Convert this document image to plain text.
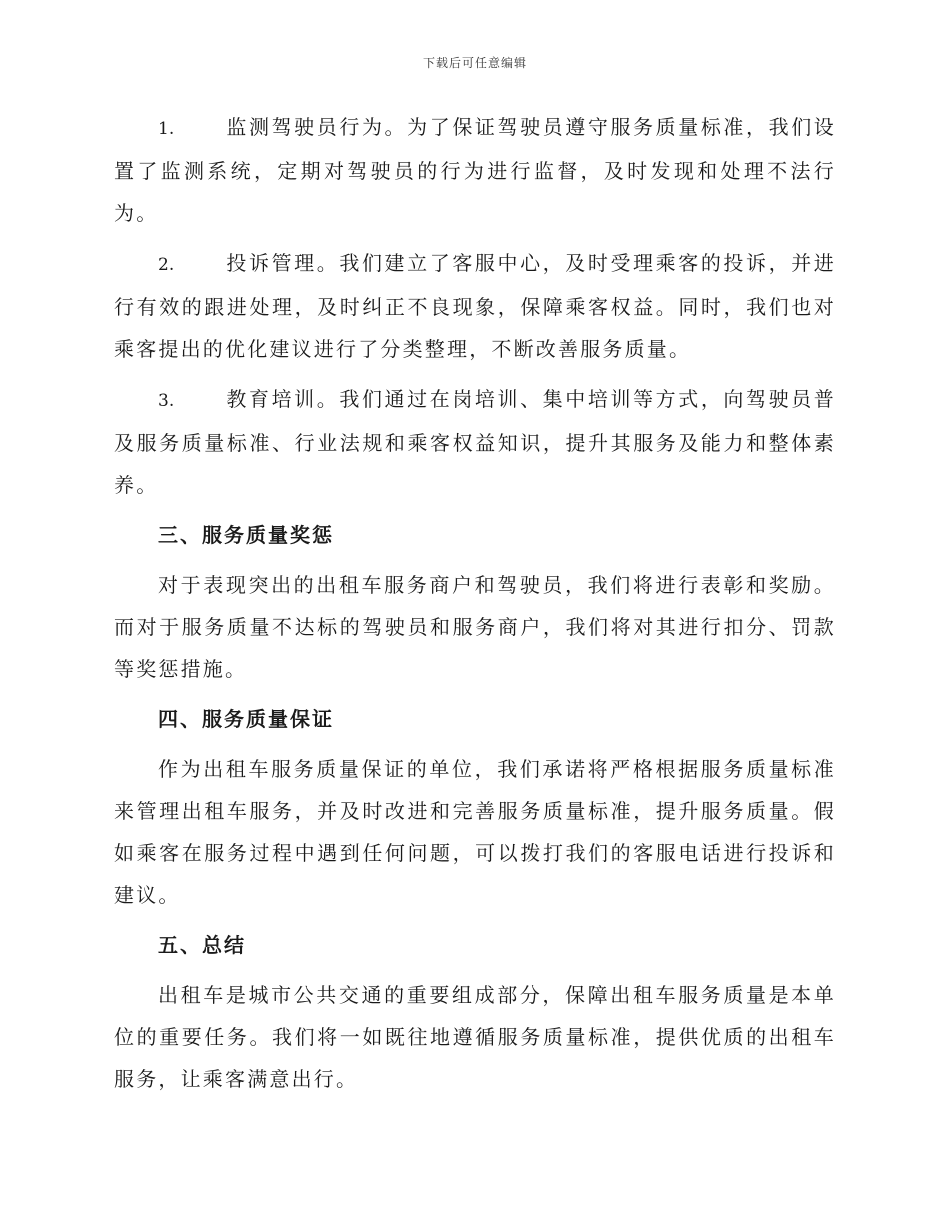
下载后可任意编辑

1.	监测驾驶员行为。为了保证驾驶员遵守服务质量标准，我们设置了监测系统，定期对驾驶员的行为进行监督，及时发现和处理不法行为。

2.	投诉管理。我们建立了客服中心，及时受理乘客的投诉，并进行有效的跟进处理，及时纠正不良现象，保障乘客权益。同时，我们也对乘客提出的优化建议进行了分类整理，不断改善服务质量。

3.	教育培训。我们通过在岗培训、集中培训等方式，向驾驶员普及服务质量标准、行业法规和乘客权益知识，提升其服务及能力和整体素养。

三、服务质量奖惩

对于表现突出的出租车服务商户和驾驶员，我们将进行表彰和奖励。而对于服务质量不达标的驾驶员和服务商户，我们将对其进行扣分、罚款等奖惩措施。

四、服务质量保证

作为出租车服务质量保证的单位，我们承诺将严格根据服务质量标准来管理出租车服务，并及时改进和完善服务质量标准，提升服务质量。假如乘客在服务过程中遇到任何问题，可以拨打我们的客服电话进行投诉和建议。

五、总结

出租车是城市公共交通的重要组成部分，保障出租车服务质量是本单位的重要任务。我们将一如既往地遵循服务质量标准，提供优质的出租车服务，让乘客满意出行。
